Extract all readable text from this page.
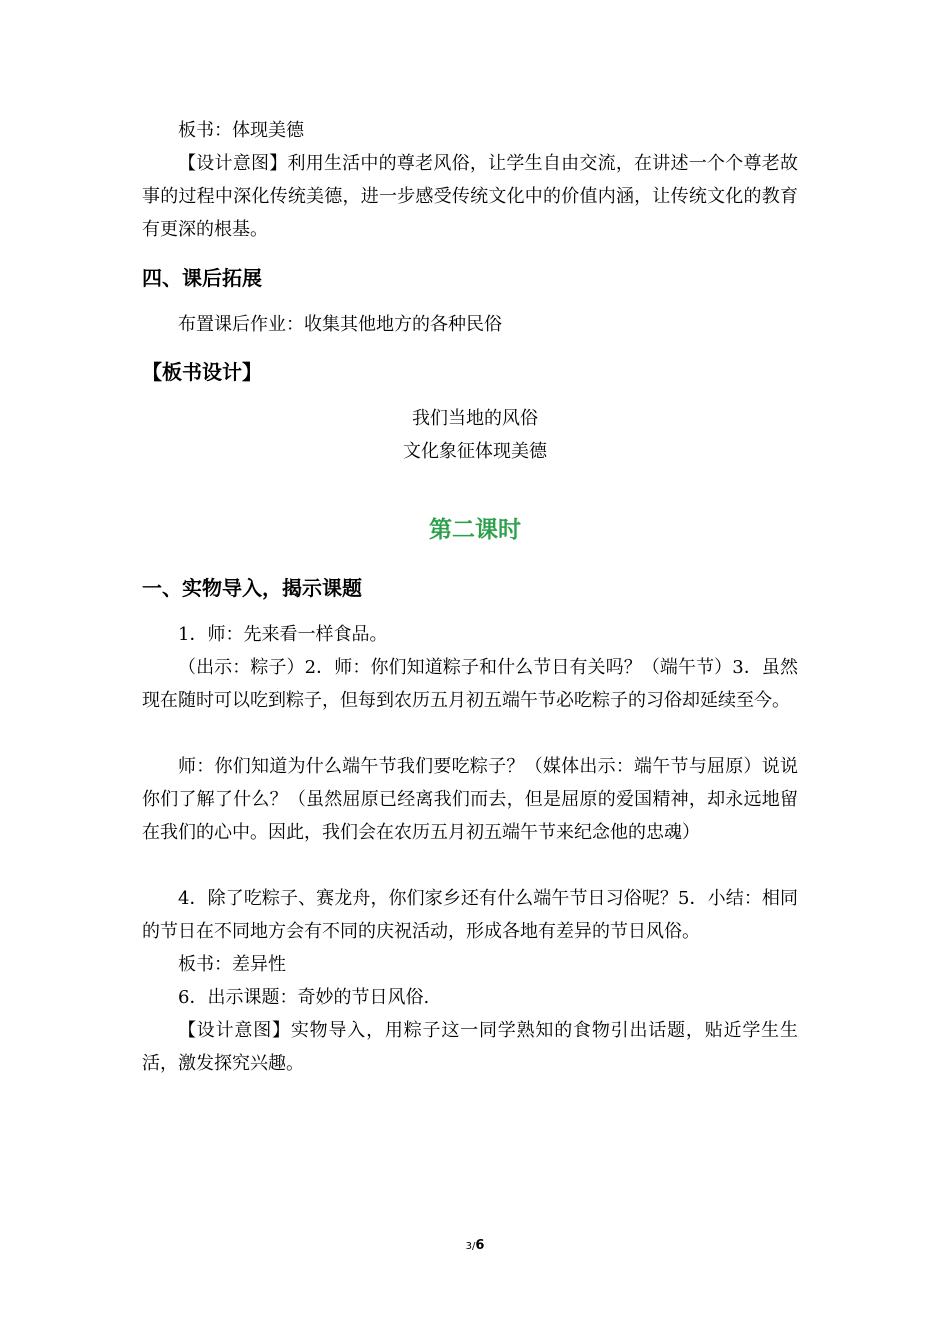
板书：体现美德

【设计意图】利用生活中的尊老风俗，让学生自由交流，在讲述一个个尊老故事的过程中深化传统美德，进一步感受传统文化中的价值内涵，让传统文化的教育有更深的根基。

四、课后拓展

布置课后作业：收集其他地方的各种民俗

【板书设计】

我们当地的风俗

文化象征体现美德

第二课时
一、实物导入，揭示课题

1．师：先来看一样食品。

（出示：粽子）2．师：你们知道粽子和什么节日有关吗？（端午节）3．虽然现在随时可以吃到粽子，但每到农历五月初五端午节必吃粽子的习俗却延续至今。

师：你们知道为什么端午节我们要吃粽子？（媒体出示：端午节与屈原）说说你们了解了什么？（虽然屈原已经离我们而去，但是屈原的爱国精神，却永远地留在我们的心中。因此，我们会在农历五月初五端午节来纪念他的忠魂）

4．除了吃粽子、赛龙舟，你们家乡还有什么端午节日习俗呢？5．小结：相同的节日在不同地方会有不同的庆祝活动，形成各地有差异的节日风俗。

板书：差异性

6．出示课题：奇妙的节日风俗.

【设计意图】实物导入，用粽子这一同学熟知的食物引出话题，贴近学生生活，激发探究兴趣。

3/6
